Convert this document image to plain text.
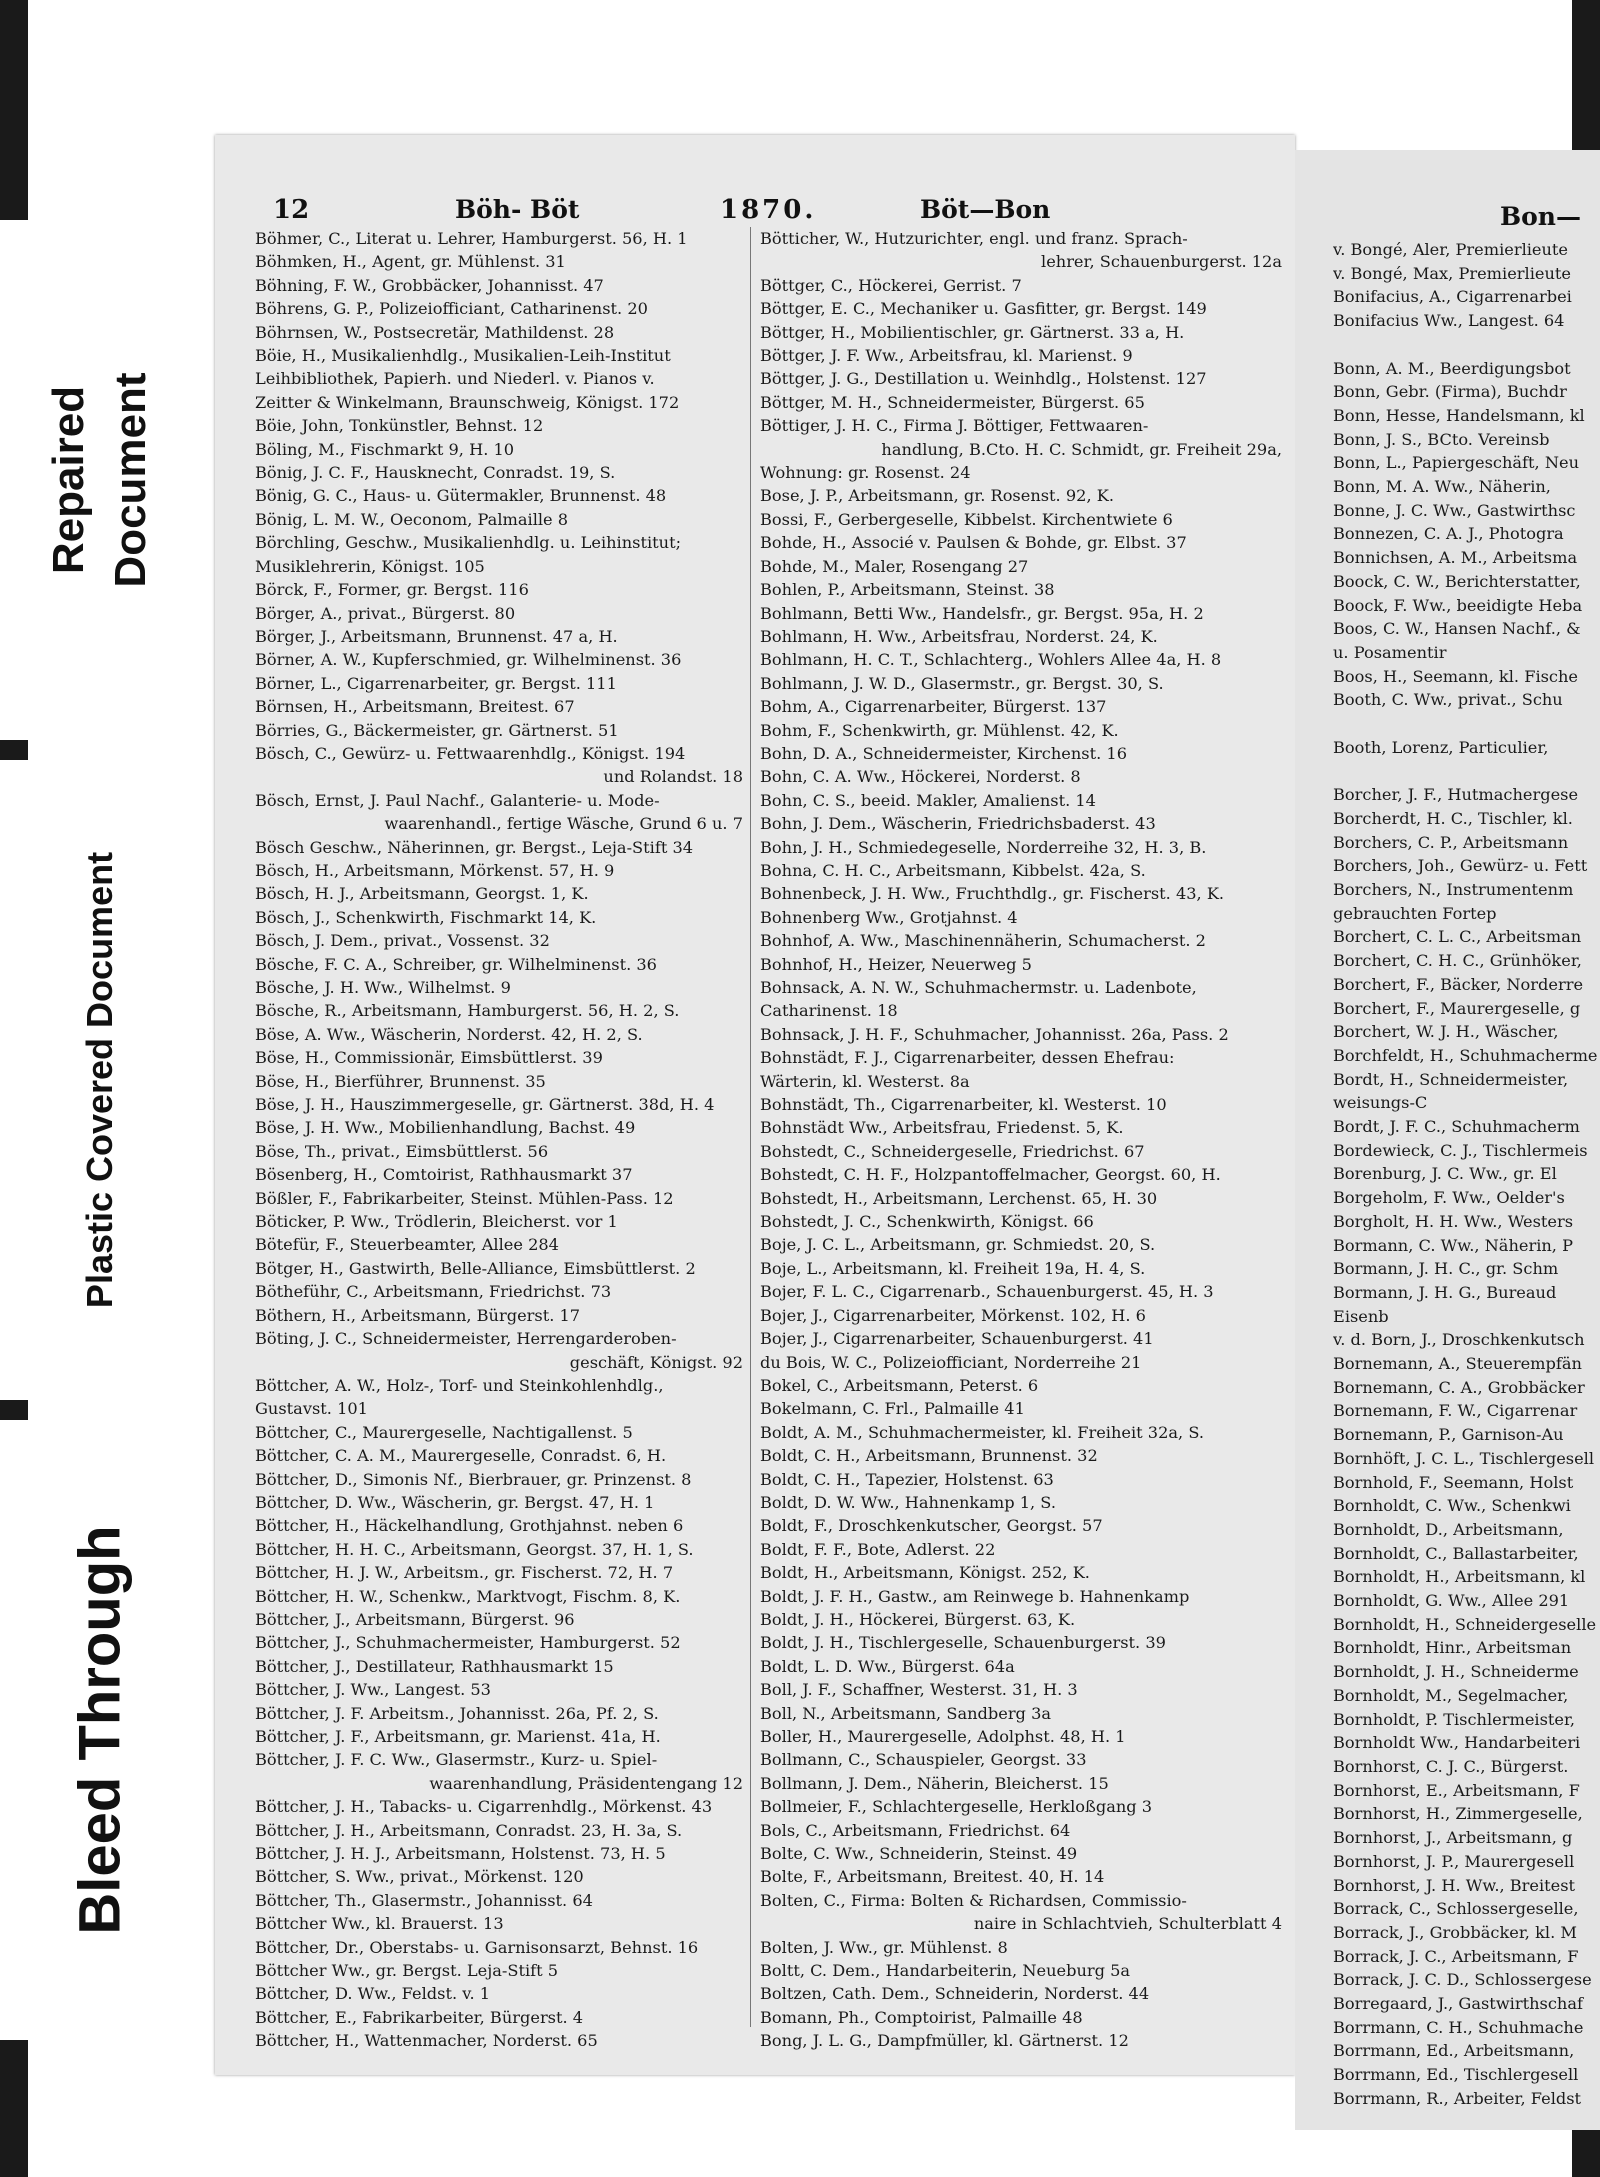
Repaired Document
Plastic Covered Document
Bleed Through
12	Böh- Böt	1870.	Böt—Bon
Böhmer, C., Literat u. Lehrer, Hamburgerst. 56, H. 1
Böhmken, H., Agent, gr. Mühlenst. 31
Böhning, F. W., Grobbäcker, Johannisst. 47
Böhrens, G. P., Polizeiofficiant, Catharinenst. 20
Böhrnsen, W., Postsecretär, Mathildenst. 28
Böie, H., Musikalienhdlg., Musikalien-Leih-Institut
Leihbibliothek, Papierh. und Niederl. v. Pianos v.
Zeitter & Winkelmann, Braunschweig, Königst. 172
Böie, John, Tonkünstler, Behnst. 12
Böling, M., Fischmarkt 9, H. 10
Bönig, J. C. F., Hausknecht, Conradst. 19, S.
Bönig, G. C., Haus- u. Gütermakler, Brunnenst. 48
Bönig, L. M. W., Oeconom, Palmaille 8
Börchling, Geschw., Musikalienhdlg. u. Leihinstitut;
Musiklehrerin, Königst. 105
Börck, F., Former, gr. Bergst. 116
Börger, A., privat., Bürgerst. 80
Börger, J., Arbeitsmann, Brunnenst. 47 a, H.
Börner, A. W., Kupferschmied, gr. Wilhelminenst. 36
Börner, L., Cigarrenarbeiter, gr. Bergst. 111
Börnsen, H., Arbeitsmann, Breitest. 67
Börries, G., Bäckermeister, gr. Gärtnerst. 51
Bösch, C., Gewürz- u. Fettwaarenhdlg., Königst. 194
und Rolandst. 18
Bösch, Ernst, J. Paul Nachf., Galanterie- u. Mode-
waarenhandl., fertige Wäsche, Grund 6 u. 7
Bösch Geschw., Näherinnen, gr. Bergst., Leja-Stift 34
Bösch, H., Arbeitsmann, Mörkenst. 57, H. 9
Bösch, H. J., Arbeitsmann, Georgst. 1, K.
Bösch, J., Schenkwirth, Fischmarkt 14, K.
Bösch, J. Dem., privat., Vossenst. 32
Bösche, F. C. A., Schreiber, gr. Wilhelminenst. 36
Bösche, J. H. Ww., Wilhelmst. 9
Bösche, R., Arbeitsmann, Hamburgerst. 56, H. 2, S.
Böse, A. Ww., Wäscherin, Norderst. 42, H. 2, S.
Böse, H., Commissionär, Eimsbüttlerst. 39
Böse, H., Bierführer, Brunnenst. 35
Böse, J. H., Hauszimmergeselle, gr. Gärtnerst. 38d, H. 4
Böse, J. H. Ww., Mobilienhandlung, Bachst. 49
Böse, Th., privat., Eimsbüttlerst. 56
Bösenberg, H., Comtoirist, Rathhausmarkt 37
Bößler, F., Fabrikarbeiter, Steinst. Mühlen-Pass. 12
Böticker, P. Ww., Trödlerin, Bleicherst. vor 1
Bötefür, F., Steuerbeamter, Allee 284
Bötger, H., Gastwirth, Belle-Alliance, Eimsbüttlerst. 2
Bötheführ, C., Arbeitsmann, Friedrichst. 73
Böthern, H., Arbeitsmann, Bürgerst. 17
Böting, J. C., Schneidermeister, Herrengarderoben-
geschäft, Königst. 92
Böttcher, A. W., Holz-, Torf- und Steinkohlenhdlg.,
Gustavst. 101
Böttcher, C., Maurergeselle, Nachtigallenst. 5
Böttcher, C. A. M., Maurergeselle, Conradst. 6, H.
Böttcher, D., Simonis Nf., Bierbrauer, gr. Prinzenst. 8
Böttcher, D. Ww., Wäscherin, gr. Bergst. 47, H. 1
Böttcher, H., Häckelhandlung, Grothjahnst. neben 6
Böttcher, H. H. C., Arbeitsmann, Georgst. 37, H. 1, S.
Böttcher, H. J. W., Arbeitsm., gr. Fischerst. 72, H. 7
Böttcher, H. W., Schenkw., Marktvogt, Fischm. 8, K.
Böttcher, J., Arbeitsmann, Bürgerst. 96
Böttcher, J., Schuhmachermeister, Hamburgerst. 52
Böttcher, J., Destillateur, Rathhausmarkt 15
Böttcher, J. Ww., Langest. 53
Böttcher, J. F. Arbeitsm., Johannisst. 26a, Pf. 2, S.
Böttcher, J. F., Arbeitsmann, gr. Marienst. 41a, H.
Böttcher, J. F. C. Ww., Glasermstr., Kurz- u. Spiel-
waarenhandlung, Präsidentengang 12
Böttcher, J. H., Tabacks- u. Cigarrenhdlg., Mörkenst. 43
Böttcher, J. H., Arbeitsmann, Conradst. 23, H. 3a, S.
Böttcher, J. H. J., Arbeitsmann, Holstenst. 73, H. 5
Böttcher, S. Ww., privat., Mörkenst. 120
Böttcher, Th., Glasermstr., Johannisst. 64
Böttcher Ww., kl. Brauerst. 13
Böttcher, Dr., Oberstabs- u. Garnisonsarzt, Behnst. 16
Böttcher Ww., gr. Bergst. Leja-Stift 5
Böttcher, D. Ww., Feldst. v. 1
Böttcher, E., Fabrikarbeiter, Bürgerst. 4
Böttcher, H., Wattenmacher, Norderst. 65
Bötticher, W., Hutzurichter, engl. und franz. Sprach-
lehrer, Schauenburgerst. 12a
Böttger, C., Höckerei, Gerrist. 7
Böttger, E. C., Mechaniker u. Gasfitter, gr. Bergst. 149
Böttger, H., Mobilientischler, gr. Gärtnerst. 33 a, H.
Böttger, J. F. Ww., Arbeitsfrau, kl. Marienst. 9
Böttger, J. G., Destillation u. Weinhdlg., Holstenst. 127
Böttger, M. H., Schneidermeister, Bürgerst. 65
Böttiger, J. H. C., Firma J. Böttiger, Fettwaaren-
handlung, B.Cto. H. C. Schmidt, gr. Freiheit 29a,
Wohnung: gr. Rosenst. 24
Bose, J. P., Arbeitsmann, gr. Rosenst. 92, K.
Bossi, F., Gerbergeselle, Kibbelst. Kirchentwiete 6
Bohde, H., Associé v. Paulsen & Bohde, gr. Elbst. 37
Bohde, M., Maler, Rosengang 27
Bohlen, P., Arbeitsmann, Steinst. 38
Bohlmann, Betti Ww., Handelsfr., gr. Bergst. 95a, H. 2
Bohlmann, H. Ww., Arbeitsfrau, Norderst. 24, K.
Bohlmann, H. C. T., Schlachterg., Wohlers Allee 4a, H. 8
Bohlmann, J. W. D., Glasermstr., gr. Bergst. 30, S.
Bohm, A., Cigarrenarbeiter, Bürgerst. 137
Bohm, F., Schenkwirth, gr. Mühlenst. 42, K.
Bohn, D. A., Schneidermeister, Kirchenst. 16
Bohn, C. A. Ww., Höckerei, Norderst. 8
Bohn, C. S., beeid. Makler, Amalienst. 14
Bohn, J. Dem., Wäscherin, Friedrichsbaderst. 43
Bohn, J. H., Schmiedegeselle, Norderreihe 32, H. 3, B.
Bohna, C. H. C., Arbeitsmann, Kibbelst. 42a, S.
Bohnenbeck, J. H. Ww., Fruchthdlg., gr. Fischerst. 43, K.
Bohnenberg Ww., Grotjahnst. 4
Bohnhof, A. Ww., Maschinennäherin, Schumacherst. 2
Bohnhof, H., Heizer, Neuerweg 5
Bohnsack, A. N. W., Schuhmachermstr. u. Ladenbote,
Catharinenst. 18
Bohnsack, J. H. F., Schuhmacher, Johannisst. 26a, Pass. 2
Bohnstädt, F. J., Cigarrenarbeiter, dessen Ehefrau:
Wärterin, kl. Westerst. 8a
Bohnstädt, Th., Cigarrenarbeiter, kl. Westerst. 10
Bohnstädt Ww., Arbeitsfrau, Friedenst. 5, K.
Bohstedt, C., Schneidergeselle, Friedrichst. 67
Bohstedt, C. H. F., Holzpantoffelmacher, Georgst. 60, H.
Bohstedt, H., Arbeitsmann, Lerchenst. 65, H. 30
Bohstedt, J. C., Schenkwirth, Königst. 66
Boje, J. C. L., Arbeitsmann, gr. Schmiedst. 20, S.
Boje, L., Arbeitsmann, kl. Freiheit 19a, H. 4, S.
Bojer, F. L. C., Cigarrenarb., Schauenburgerst. 45, H. 3
Bojer, J., Cigarrenarbeiter, Mörkenst. 102, H. 6
Bojer, J., Cigarrenarbeiter, Schauenburgerst. 41
du Bois, W. C., Polizeiofficiant, Norderreihe 21
Bokel, C., Arbeitsmann, Peterst. 6
Bokelmann, C. Frl., Palmaille 41
Boldt, A. M., Schuhmachermeister, kl. Freiheit 32a, S.
Boldt, C. H., Arbeitsmann, Brunnenst. 32
Boldt, C. H., Tapezier, Holstenst. 63
Boldt, D. W. Ww., Hahnenkamp 1, S.
Boldt, F., Droschkenkutscher, Georgst. 57
Boldt, F. F., Bote, Adlerst. 22
Boldt, H., Arbeitsmann, Königst. 252, K.
Boldt, J. F. H., Gastw., am Reinwege b. Hahnenkamp
Boldt, J. H., Höckerei, Bürgerst. 63, K.
Boldt, J. H., Tischlergeselle, Schauenburgerst. 39
Boldt, L. D. Ww., Bürgerst. 64a
Boll, J. F., Schaffner, Westerst. 31, H. 3
Boll, N., Arbeitsmann, Sandberg 3a
Boller, H., Maurergeselle, Adolphst. 48, H. 1
Bollmann, C., Schauspieler, Georgst. 33
Bollmann, J. Dem., Näherin, Bleicherst. 15
Bollmeier, F., Schlachtergeselle, Herkloßgang 3
Bols, C., Arbeitsmann, Friedrichst. 64
Bolte, C. Ww., Schneiderin, Steinst. 49
Bolte, F., Arbeitsmann, Breitest. 40, H. 14
Bolten, C., Firma: Bolten & Richardsen, Commissio-
naire in Schlachtvieh, Schulterblatt 4
Bolten, J. Ww., gr. Mühlenst. 8
Boltt, C. Dem., Handarbeiterin, Neueburg 5a
Boltzen, Cath. Dem., Schneiderin, Norderst. 44
Bomann, Ph., Comptoirist, Palmaille 48
Bong, J. L. G., Dampfmüller, kl. Gärtnerst. 12
Bon—
v. Bongé, Aler, Premierlieute
v. Bongé, Max, Premierlieute
Bonifacius, A., Cigarrenarbei
Bonifacius Ww., Langest. 64

Bonn, A. M., Beerdigungsbot
Bonn, Gebr. (Firma), Buchdr
Bonn, Hesse, Handelsmann, kl
Bonn, J. S., BCto. Vereinsb
Bonn, L., Papiergeschäft, Neu
Bonn, M. A. Ww., Näherin,
Bonne, J. C. Ww., Gastwirthsc
Bonnezen, C. A. J., Photogra
Bonnichsen, A. M., Arbeitsma
Boock, C. W., Berichterstatter,
Boock, F. Ww., beeidigte Heba
Boos, C. W., Hansen Nachf., &
u. Posamentir
Boos, H., Seemann, kl. Fische
Booth, C. Ww., privat., Schu

Booth, Lorenz, Particulier,

Borcher, J. F., Hutmachergese
Borcherdt, H. C., Tischler, kl.
Borchers, C. P., Arbeitsmann
Borchers, Joh., Gewürz- u. Fett
Borchers, N., Instrumentenm
gebrauchten Fortep
Borchert, C. L. C., Arbeitsman
Borchert, C. H. C., Grünhöker,
Borchert, F., Bäcker, Norderre
Borchert, F., Maurergeselle, g
Borchert, W. J. H., Wäscher,
Borchfeldt, H., Schuhmacherme
Bordt, H., Schneidermeister,
weisungs-C
Bordt, J. F. C., Schuhmacherm
Bordewieck, C. J., Tischlermeis
Borenburg, J. C. Ww., gr. El
Borgeholm, F. Ww., Oelder's
Borgholt, H. H. Ww., Westers
Bormann, C. Ww., Näherin, P
Bormann, J. H. C., gr. Schm
Bormann, J. H. G., Bureaud
Eisenb
v. d. Born, J., Droschkenkutsch
Bornemann, A., Steuerempfän
Bornemann, C. A., Grobbäcker
Bornemann, F. W., Cigarrenar
Bornemann, P., Garnison-Au
Bornhöft, J. C. L., Tischlergesell
Bornhold, F., Seemann, Holst
Bornholdt, C. Ww., Schenkwi
Bornholdt, D., Arbeitsmann,
Bornholdt, C., Ballastarbeiter,
Bornholdt, H., Arbeitsmann, kl
Bornholdt, G. Ww., Allee 291
Bornholdt, H., Schneidergeselle
Bornholdt, Hinr., Arbeitsman
Bornholdt, J. H., Schneiderme
Bornholdt, M., Segelmacher,
Bornholdt, P. Tischlermeister,
Bornholdt Ww., Handarbeiteri
Bornhorst, C. J. C., Bürgerst.
Bornhorst, E., Arbeitsmann, F
Bornhorst, H., Zimmergeselle,
Bornhorst, J., Arbeitsmann, g
Bornhorst, J. P., Maurergesell
Bornhorst, J. H. Ww., Breitest
Borrack, C., Schlossergeselle,
Borrack, J., Grobbäcker, kl. M
Borrack, J. C., Arbeitsmann, F
Borrack, J. C. D., Schlossergese
Borregaard, J., Gastwirthschaf
Borrmann, C. H., Schuhmache
Borrmann, Ed., Arbeitsmann,
Borrmann, Ed., Tischlergesell
Borrmann, R., Arbeiter, Feldst
